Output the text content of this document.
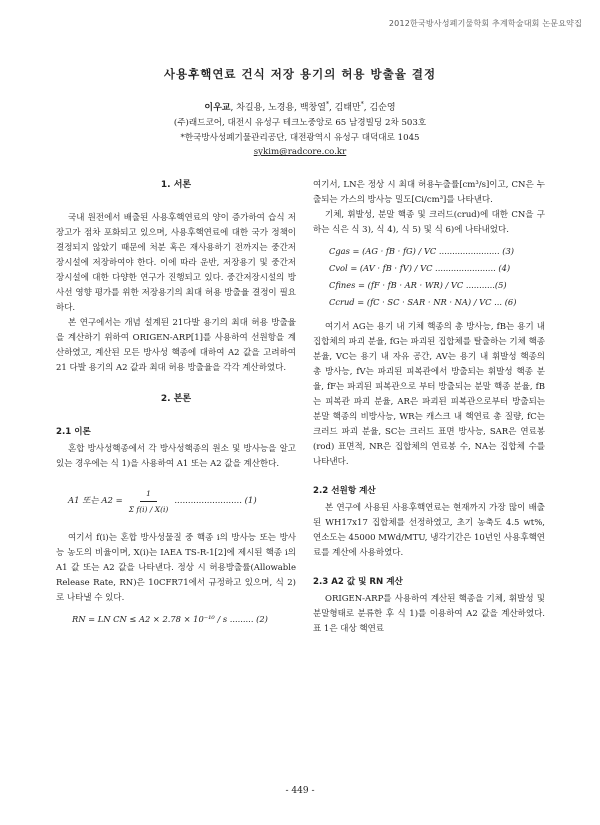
2012한국방사성폐기물학회 추계학술대회 논문요약집
사용후핵연료 건식 저장 용기의 허용 방출율 결정
이우교, 차길용, 노경용, 백창열*, 김태만*, 김순영
(주)래드코어, 대전시 유성구 테크노중앙로 65 남경빌딩 2차 503호
*한국방사성폐기물관리공단, 대전광역시 유성구 대덕대로 1045
sykim@radcore.co.kr
1. 서론

국내 원전에서 배출된 사용후핵연료의 양이 증가하여 습식 저장고가 점차 포화되고 있으며, 사용후핵연료에 대한 국가 정책이 결정되지 않았기 때문에 처분 혹은 재사용하기 전까지는 중간저장시설에 저장하여야 한다. 이에 따라 운반, 저장용기 및 중간저장시설에 대한 다양한 연구가 진행되고 있다. 중간저장시설의 방사선 영향 평가를 위한 저장용기의 최대 허용 방출율 결정이 필요하다.

본 연구에서는 개념 설계된 21다발 용기의 최대 허용 방출율을 계산하기 위하여 ORIGEN-ARP[1]를 사용하여 선원항을 계산하였고, 계산된 모든 방사성 핵종에 대하여 A2 값을 고려하여 21 다발 용기의 A2 값과 최대 허용 방출율을 각각 계산하였다.

2. 본론
2.1 이론

혼합 방사성핵종에서 각 방사성핵종의 원소 및 방사능을 알고 있는 경우에는 식 1)을 사용하여 A1 또는 A2 값을 계산한다.

A1 또는 $A2 = \frac{1}{\text{Σ f(i) / X(i)}}$ ......................... (1)

여기서 f(i)는 혼합 방사성물질 중 핵종 i의 방사능 또는 방사능 농도의 비율이며, X(i)는 IAEA TS-R-1[2]에 제시된 핵종 i의 A1 값 또는 A2 값을 나타낸다. 정상 시 허용방출률(Allowable Release Rate, RN)은 10CFR71에서 규정하고 있으며, 식 2)로 나타낼 수 있다.

RN = LN CN ≤ A2 × 2.78 × 10⁻¹⁰ / s ......... (2)

여기서, LN은 정상 시 최대 허용누출률[cm³/s]이고, CN은 누출되는 가스의 방사능 밀도[Ci/cm³]를 나타낸다.

기체, 휘발성, 분말 핵종 및 크러드(crud)에 대한 CN을 구하는 식은 식 3), 식 4), 식 5) 및 식 6)에 나타내었다.

Cgas = (AG · fB · fG) / VC ....................... (3)
Cvol = (AV · fB · fV) / VC ....................... (4)
Cfines = (fF · fB · AR · WR) / VC ...........(5)
Ccrud = (fC · SC · SAR · NR · NA) / VC ... (6)

여기서 AG는 용기 내 기체 핵종의 총 방사능, fB는 용기 내 집합체의 파괴 분율, fG는 파괴된 집합체를 탈출하는 기체 핵종 분율, VC는 용기 내 자유 공간, AV는 용기 내 휘발성 핵종의 총 방사능, fV는 파괴된 피복관에서 방출되는 휘발성 핵종 분율, fF는 파괴된 피복관으로 부터 방출되는 분말 핵종 분율, fB는 피복관 파괴 분율, AR은 파괴된 피복관으로부터 방출되는 분말 핵종의 비방사능, WR는 캐스크 내 핵연료 총 질량, fC는 크러드 파괴 분율, SC는 크러드 표면 방사능, SAR은 연료봉(rod) 표면적, NR은 집합체의 연료봉 수, NA는 집합체 수를 나타낸다.

2.2 선원항 계산

본 연구에 사용된 사용후핵연료는 현재까지 가장 많이 배출된 WH17x17 집합체를 선정하였고, 초기 농축도 4.5 wt%, 연소도는 45000 MWd/MTU, 냉각기간은 10년인 사용후핵연료를 계산에 사용하였다.

2.3 A2 값 및 RN 계산

ORIGEN-ARP를 사용하여 계산된 핵종을 기체, 휘발성 및 분말형태로 분류한 후 식 1)를 이용하여 A2 값을 계산하였다. 표 1은 대상 핵연료

- 449 -
